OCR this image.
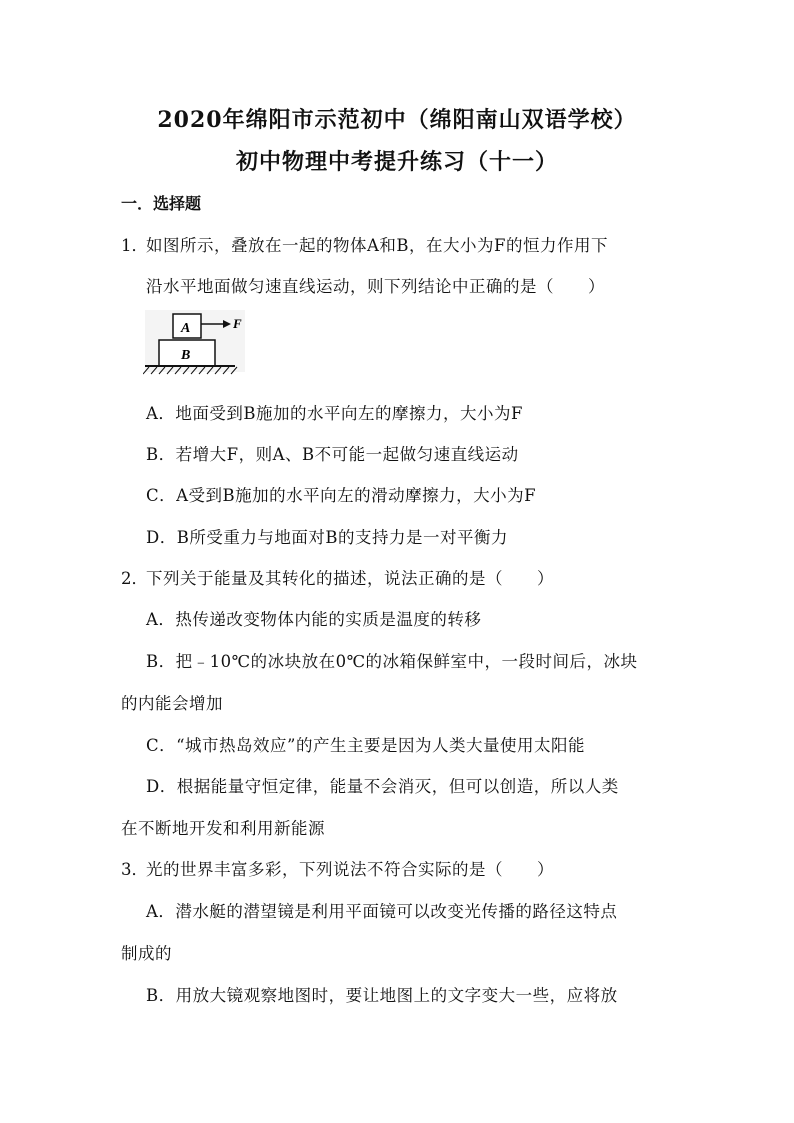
2020年绵阳市示范初中（绵阳南山双语学校）
初中物理中考提升练习（十一）
一．选择题
1．
如图所示，叠放在一起的物体A和B，在大小为F的恒力作用下
沿水平地面做匀速直线运动，则下列结论中正确的是（　　）
A	F
B
A．地面受到B施加的水平向左的摩擦力，大小为F
B．若增大F，则A、B不可能一起做匀速直线运动
C．A受到B施加的水平向左的滑动摩擦力，大小为F
D．B所受重力与地面对B的支持力是一对平衡力
2．
下列关于能量及其转化的描述，说法正确的是（　　）
A．热传递改变物体内能的实质是温度的转移
B．把﹣10℃的冰块放在0℃的冰箱保鲜室中，一段时间后，冰块
的内能会增加
C．“城市热岛效应”的产生主要是因为人类大量使用太阳能
D．根据能量守恒定律，能量不会消灭，但可以创造，所以人类
在不断地开发和利用新能源
3．
光的世界丰富多彩，下列说法不符合实际的是（　　）
A．潜水艇的潜望镜是利用平面镜可以改变光传播的路径这特点
制成的
B．用放大镜观察地图时，要让地图上的文字变大一些，应将放
